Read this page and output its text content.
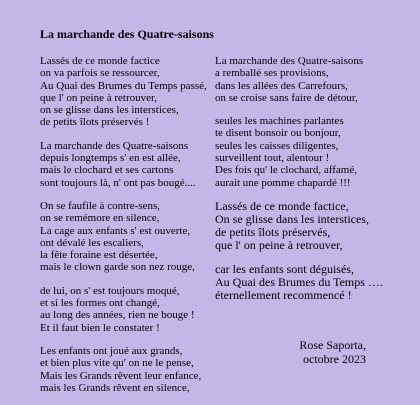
La marchande des Quatre-saisons
Lassés de ce monde factice
on va parfois se ressourcer,
Au Quai des Brumes du Temps passé,
que l' on peine à retrouver,
on se glisse dans les interstices,
de petits îlots préservés !
La marchande des Quatre-saisons
depuis longtemps s' en est allée,
mais le clochard et ses cartons
sont toujours là, n' ont pas bougé....
On se faufile à contre-sens,
on se remémore en silence,
La cage aux enfants s' est ouverte,
ont dévalé les escaliers,
la fête foraine est désertée,
mais le clown garde son nez rouge,
de lui, on s' est toujours moqué,
et si les formes ont changé,
au long des années, rien ne bouge !
Et il faut bien le constater !
Les enfants ont joué aux grands,
et bien plus vite qu' on ne le pense,
Mais les Grands rêvent leur enfance,
mais les Grands rêvent en silence,
La marchande des Quatre-saisons
a remballé ses provisions,
dans les allées des Carrefours,
on se croise sans faire de détour,
seules les machines parlantes
te disent bonsoir ou bonjour,
seules les caisses diligentes,
surveillent tout, alentour !
Des fois qu' le clochard, affamé,
aurait une pomme chapardé !!!
Lassés de ce monde factice,
On se glisse dans les interstices,
de petits îlots préservés,
que l' on peine à retrouver,
car les enfants sont déguisés,
Au Quai des Brumes du Temps ….
éternellement recommencé !
Rose Saporta,
octobre 2023
